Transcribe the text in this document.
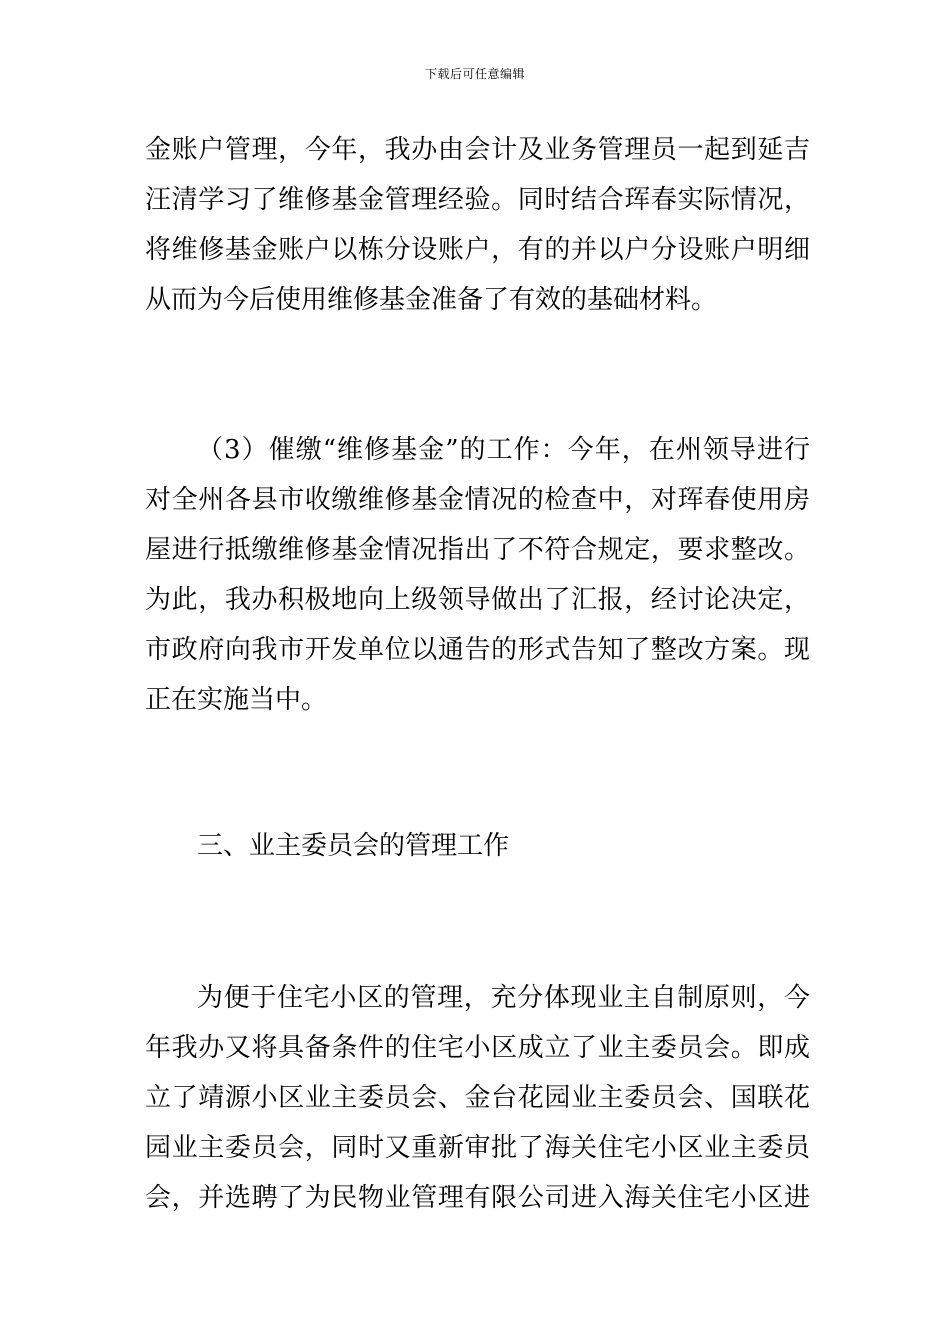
下载后可任意编辑
金账户管理，今年，我办由会计及业务管理员一起到延吉
汪清学习了维修基金管理经验。同时结合珲春实际情况，
将维修基金账户以栋分设账户，有的并以户分设账户明细
从而为今后使用维修基金准备了有效的基础材料。
（3）催缴“维修基金”的工作：今年，在州领导进行
对全州各县市收缴维修基金情况的检查中，对珲春使用房
屋进行抵缴维修基金情况指出了不符合规定，要求整改。
为此，我办积极地向上级领导做出了汇报，经讨论决定，
市政府向我市开发单位以通告的形式告知了整改方案。现
正在实施当中。
三、业主委员会的管理工作
为便于住宅小区的管理，充分体现业主自制原则，今
年我办又将具备条件的住宅小区成立了业主委员会。即成
立了靖源小区业主委员会、金台花园业主委员会、国联花
园业主委员会，同时又重新审批了海关住宅小区业主委员
会，并选聘了为民物业管理有限公司进入海关住宅小区进
